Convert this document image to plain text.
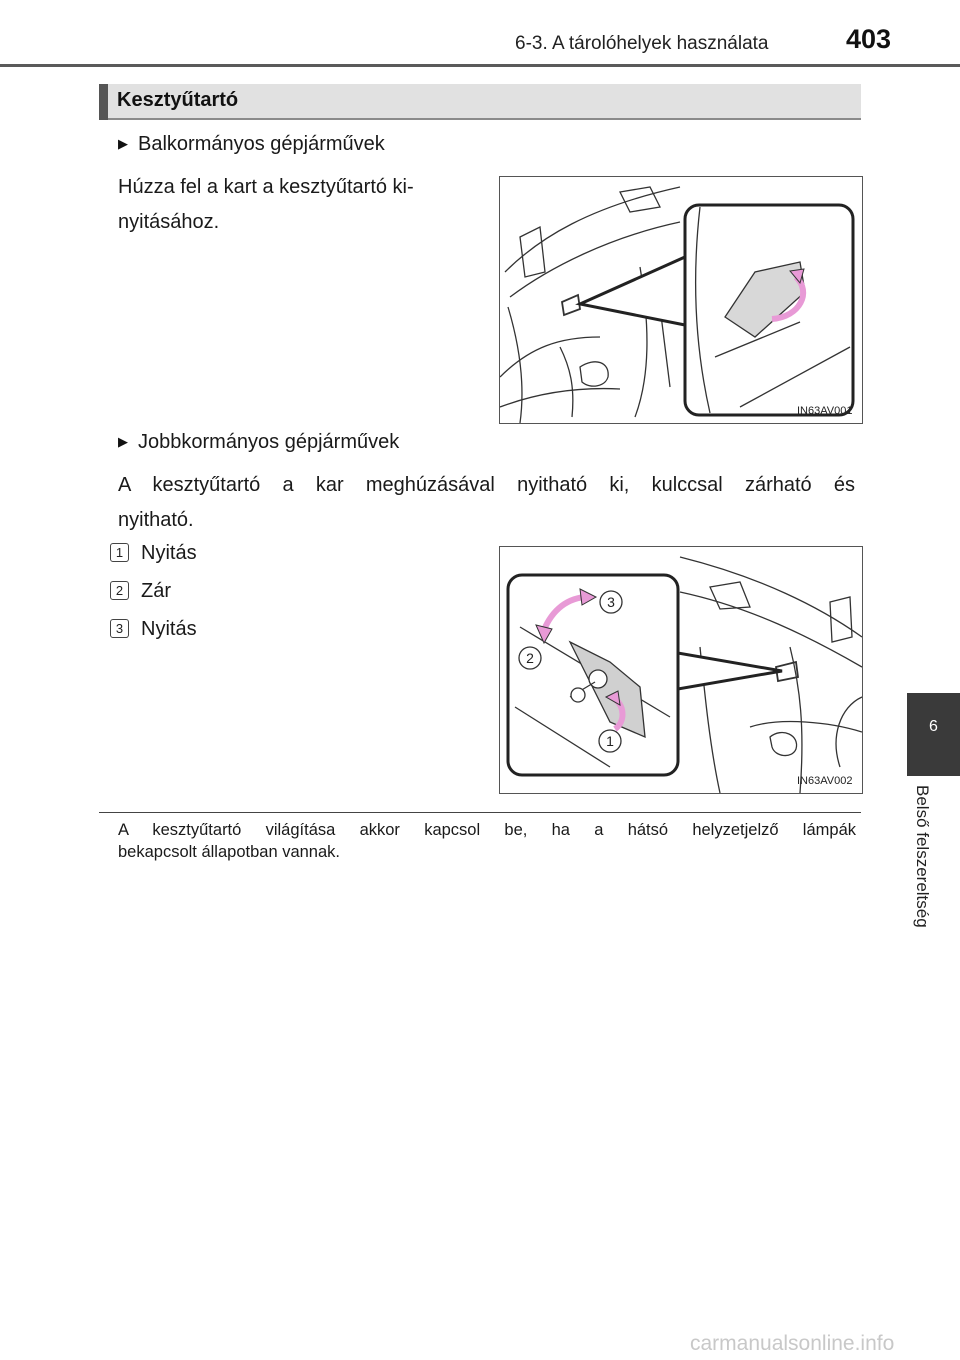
6-3. A tárolóhelyek használata	403
Kesztyűtartó
▶ Balkormányos gépjárművek
Húzza fel a kart a kesztyűtartó ki-
nyitásához.
IN63AV001
▶ Jobbkormányos gépjárművek
A kesztyűtartó a kar meghúzásával nyitható ki, kulccsal zárható és
nyitható.
1 Nyitás
2 Zár
3 Nyitás
3
2
1
IN63AV002
A kesztyűtartó világítása akkor kapcsol be, ha a hátsó helyzetjelző lámpák
bekapcsolt állapotban vannak.
6
Belső felszereltség
carmanualsonline.info
